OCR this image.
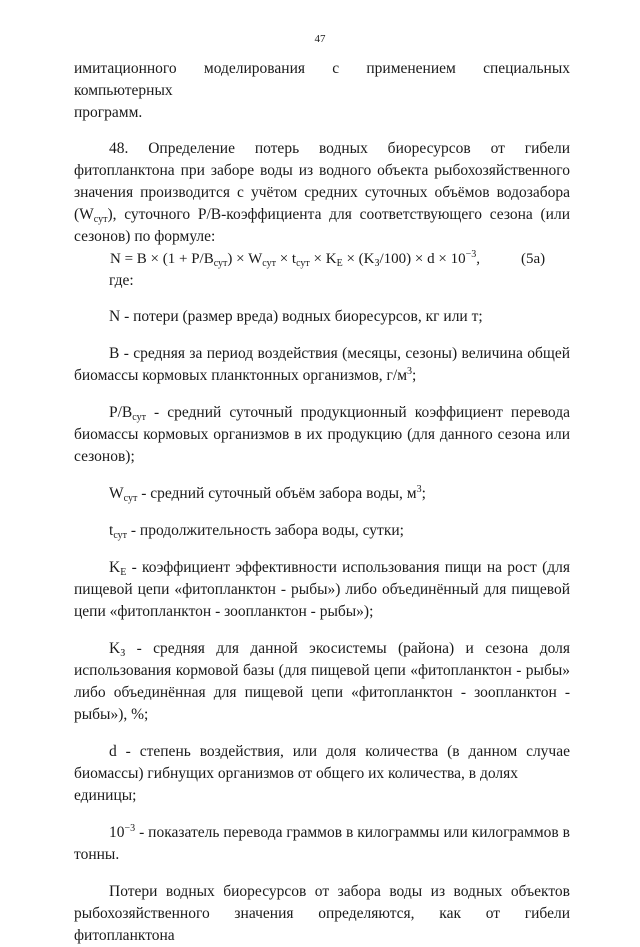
47
имитационного моделирования с применением специальных компьютерных
программ.
48. Определение потерь водных биоресурсов от гибели
фитопланктона при заборе воды из водного объекта рыбохозяйственного
значения производится с учётом средних суточных объёмов водозабора
$(W_{сут})$, суточного Р/В-коэффициента для соответствующего сезона (или
сезонов) по формуле:
$N = B \times (1 + P/B_{сут}) \times W_{сут} \times t_{сут} \times K_E \times (K_З/100) \times d \times 10^{-3}$,	(5a)
где:
N - потери (размер вреда) водных биоресурсов, кг или т;
B - средняя за период воздействия (месяцы, сезоны) величина общей
биомассы кормовых планктонных организмов, $г/м^3$;
$P/B_{сут}$ - средний суточный продукционный коэффициент перевода
биомассы кормовых организмов в их продукцию (для данного сезона или
сезонов);
$W_{сут}$ - средний суточный объём забора воды, $м^3$;
$t_{сут}$ - продолжительность забора воды, сутки;
$K_E$ - коэффициент эффективности использования пищи на рост (для
пищевой цепи «фитопланктон - рыбы») либо объединённый для пищевой
цепи «фитопланктон - зоопланктон - рыбы»);
$K_З$ - средняя для данной экосистемы (района) и сезона доля
использования кормовой базы (для пищевой цепи «фитопланктон - рыбы»
либо объединённая для пищевой цепи «фитопланктон - зоопланктон -
рыбы»), %;
d - степень воздействия, или доля количества (в данном случае
биомассы) гибнущих организмов от общего их количества, в долях единицы;
$10^{-3}$ - показатель перевода граммов в килограммы или килограммов в
тонны.
Потери водных биоресурсов от забора воды из водных объектов
рыбохозяйственного значения определяются, как от гибели фитопланктона
